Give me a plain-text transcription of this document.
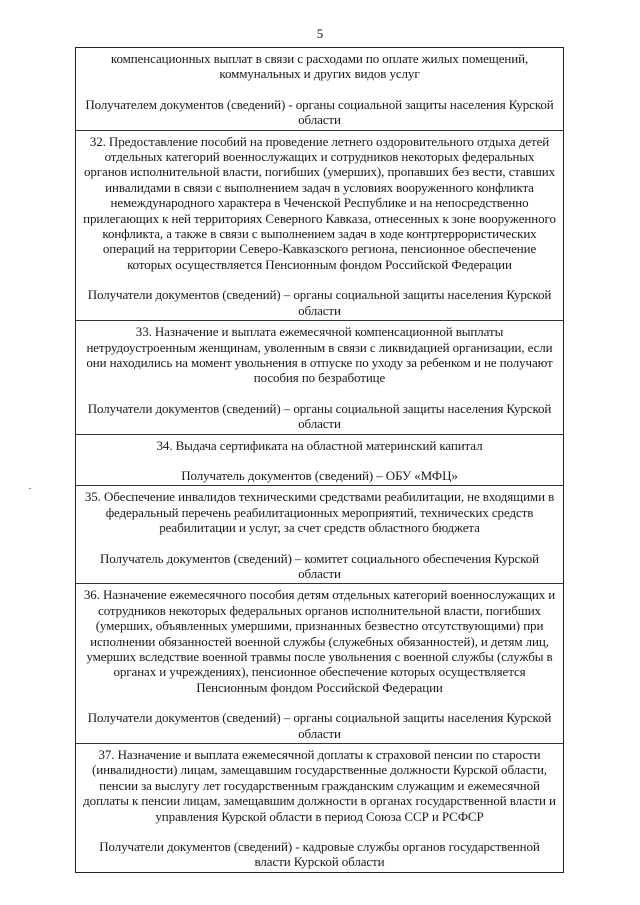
5

компенсационных выплат в связи с расходами по оплате жилых помещений, коммунальных и других видов услуг

Получателем документов (сведений) - органы социальной защиты населения Курской области

32. Предоставление пособий на проведение летнего оздоровительного отдыха детей отдельных категорий военнослужащих и сотрудников некоторых федеральных органов исполнительной власти, погибших (умерших), пропавших без вести, ставших инвалидами в связи с выполнением задач в условиях вооруженного конфликта немеждународного характера в Чеченской Республике и на непосредственно прилегающих к ней территориях Северного Кавказа, отнесенных к зоне вооруженного конфликта, а также в связи с выполнением задач в ходе контртеррористических операций на территории Северо-Кавказского региона, пенсионное обеспечение которых осуществляется Пенсионным фондом Российской Федерации

Получатели документов (сведений) – органы социальной защиты населения Курской области

33. Назначение и выплата ежемесячной компенсационной выплаты нетрудоустроенным женщинам, уволенным в связи с ликвидацией организации, если они находились на момент увольнения в отпуске по уходу за ребенком и не получают пособия по безработице

Получатели документов (сведений) – органы социальной защиты населения Курской области

34. Выдача сертификата на областной материнский капитал

Получатель документов (сведений) – ОБУ «МФЦ»

35. Обеспечение инвалидов техническими средствами реабилитации, не входящими в федеральный перечень реабилитационных мероприятий, технических средств реабилитации и услуг, за счет средств областного бюджета

Получатель документов (сведений) – комитет социального обеспечения Курской области

36. Назначение ежемесячного пособия детям отдельных категорий военнослужащих и сотрудников некоторых федеральных органов исполнительной власти, погибших (умерших, объявленных умершими, признанных безвестно отсутствующими) при исполнении обязанностей военной службы (служебных обязанностей), и детям лиц, умерших вследствие военной травмы после увольнения с военной службы (службы в органах и учреждениях), пенсионное обеспечение которых осуществляется Пенсионным фондом Российской Федерации

Получатели документов (сведений) – органы социальной защиты населения Курской области

37. Назначение и выплата ежемесячной доплаты к страховой пенсии по старости (инвалидности) лицам, замещавшим государственные должности Курской области, пенсии за выслугу лет государственным гражданским служащим и ежемесячной доплаты к пенсии лицам, замещавшим должности в органах государственной власти и управления Курской области в период Союза ССР и РСФСР

Получатели документов (сведений) - кадровые службы органов государственной власти Курской области
